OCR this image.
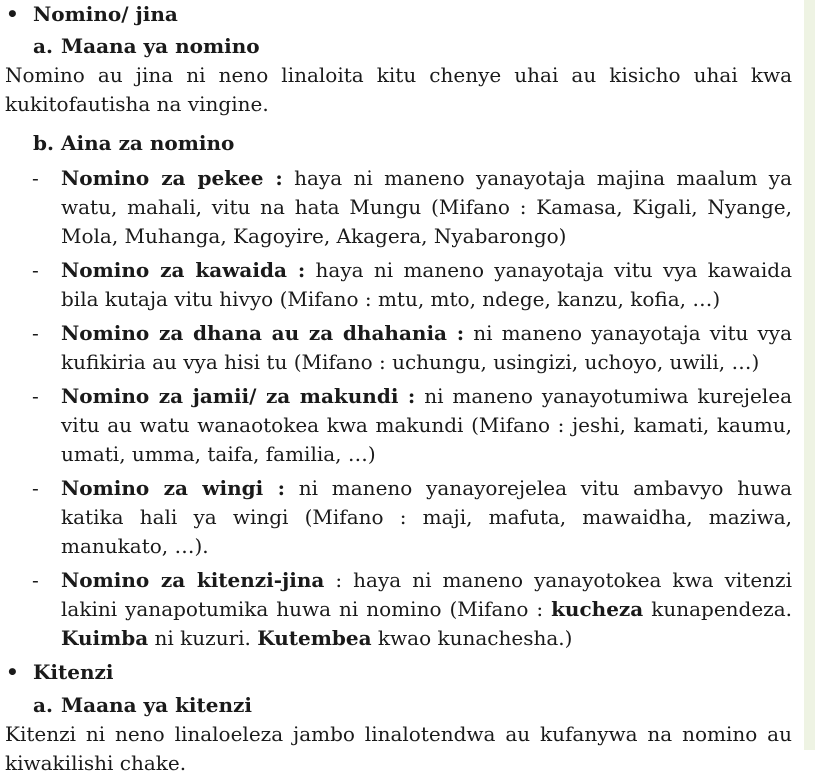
• Nomino/ jina
a. Maana ya nomino

Nomino au jina ni neno linaloita kitu chenye uhai au kisicho uhai kwa kukitofautisha na vingine.

b. Aina za nomino
- Nomino za pekee : haya ni maneno yanayotaja majina maalum ya watu, mahali, vitu na hata Mungu (Mifano : Kamasa, Kigali, Nyange, Mola, Muhanga, Kagoyire, Akagera, Nyabarongo)
- Nomino za kawaida : haya ni maneno yanayotaja vitu vya kawaida bila kutaja vitu hivyo (Mifano : mtu, mto, ndege, kanzu, kofia, …)
- Nomino za dhana au za dhahania : ni maneno yanayotaja vitu vya kufikiria au vya hisi tu (Mifano : uchungu, usingizi, uchoyo, uwili, …)
- Nomino za jamii/ za makundi : ni maneno yanayotumiwa kurejelea vitu au watu wanaotokea kwa makundi (Mifano : jeshi, kamati, kaumu, umati, umma, taifa, familia, …)
- Nomino za wingi : ni maneno yanayorejelea vitu ambavyo huwa katika hali ya wingi (Mifano : maji, mafuta, mawaidha, maziwa, manukato, …).
- Nomino za kitenzi-jina : haya ni maneno yanayotokea kwa vitenzi lakini yanapotumika huwa ni nomino (Mifano : kucheza kunapendeza. Kuimba ni kuzuri. Kutembea kwao kunachesha.)
• Kitenzi
a. Maana ya kitenzi

Kitenzi ni neno linaloeleza jambo linalotendwa au kufanywa na nomino au kiwakilishi chake.
